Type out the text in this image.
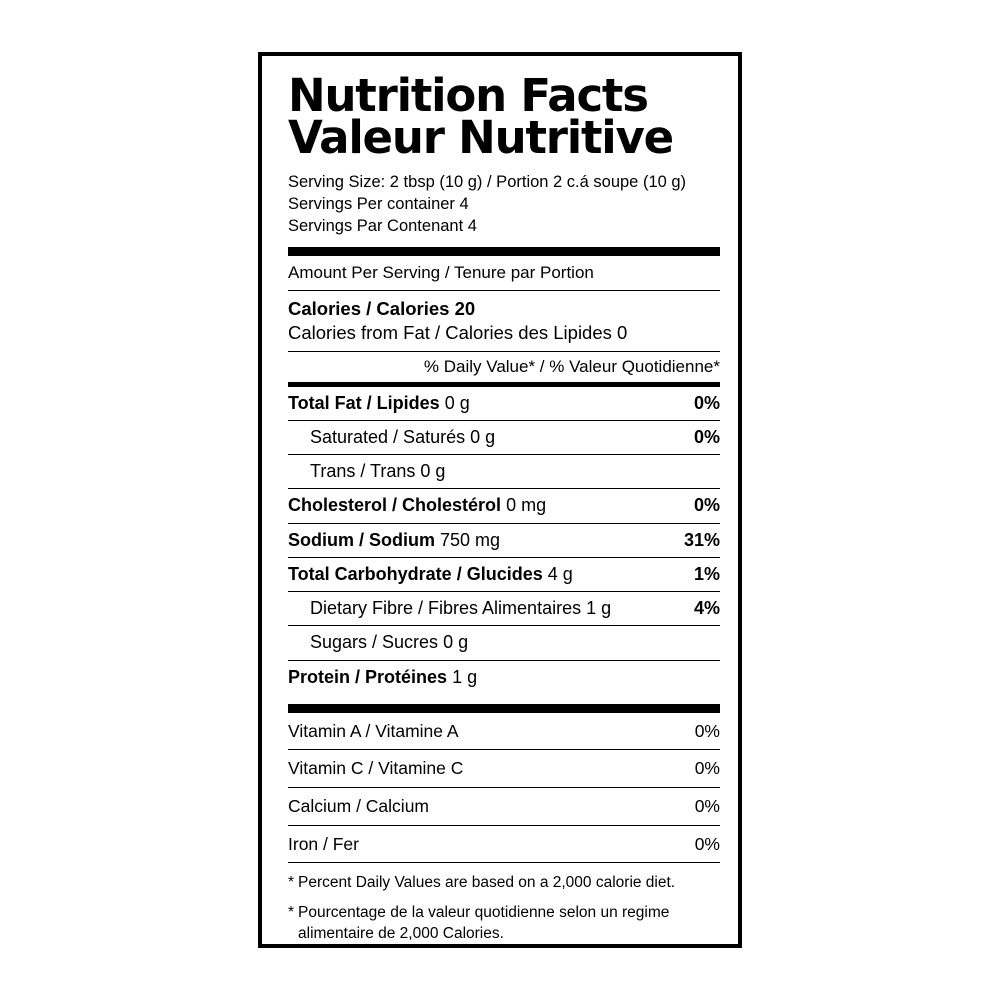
Nutrition Facts
Valeur Nutritive
Serving Size: 2 tbsp (10 g) / Portion 2 c.á soupe (10 g)
Servings Per container 4
Servings Par Contenant 4
Amount Per Serving / Tenure par Portion
Calories / Calories 20
Calories from Fat / Calories des Lipides 0
% Daily Value* / % Valeur Quotidienne*
Total Fat / Lipides 0 g	0%
Saturated / Saturés 0 g	0%
Trans / Trans 0 g
Cholesterol / Cholestérol 0 mg	0%
Sodium / Sodium 750 mg	31%
Total Carbohydrate / Glucides 4 g	1%
Dietary Fibre / Fibres Alimentaires 1 g	4%
Sugars / Sucres 0 g
Protein / Protéines 1 g
Vitamin A / Vitamine A	0%
Vitamin C / Vitamine C	0%
Calcium / Calcium	0%
Iron / Fer	0%
* Percent Daily Values are based on a 2,000 calorie diet.
* Pourcentage de la valeur quotidienne selon un regime alimentaire de 2,000 Calories.
